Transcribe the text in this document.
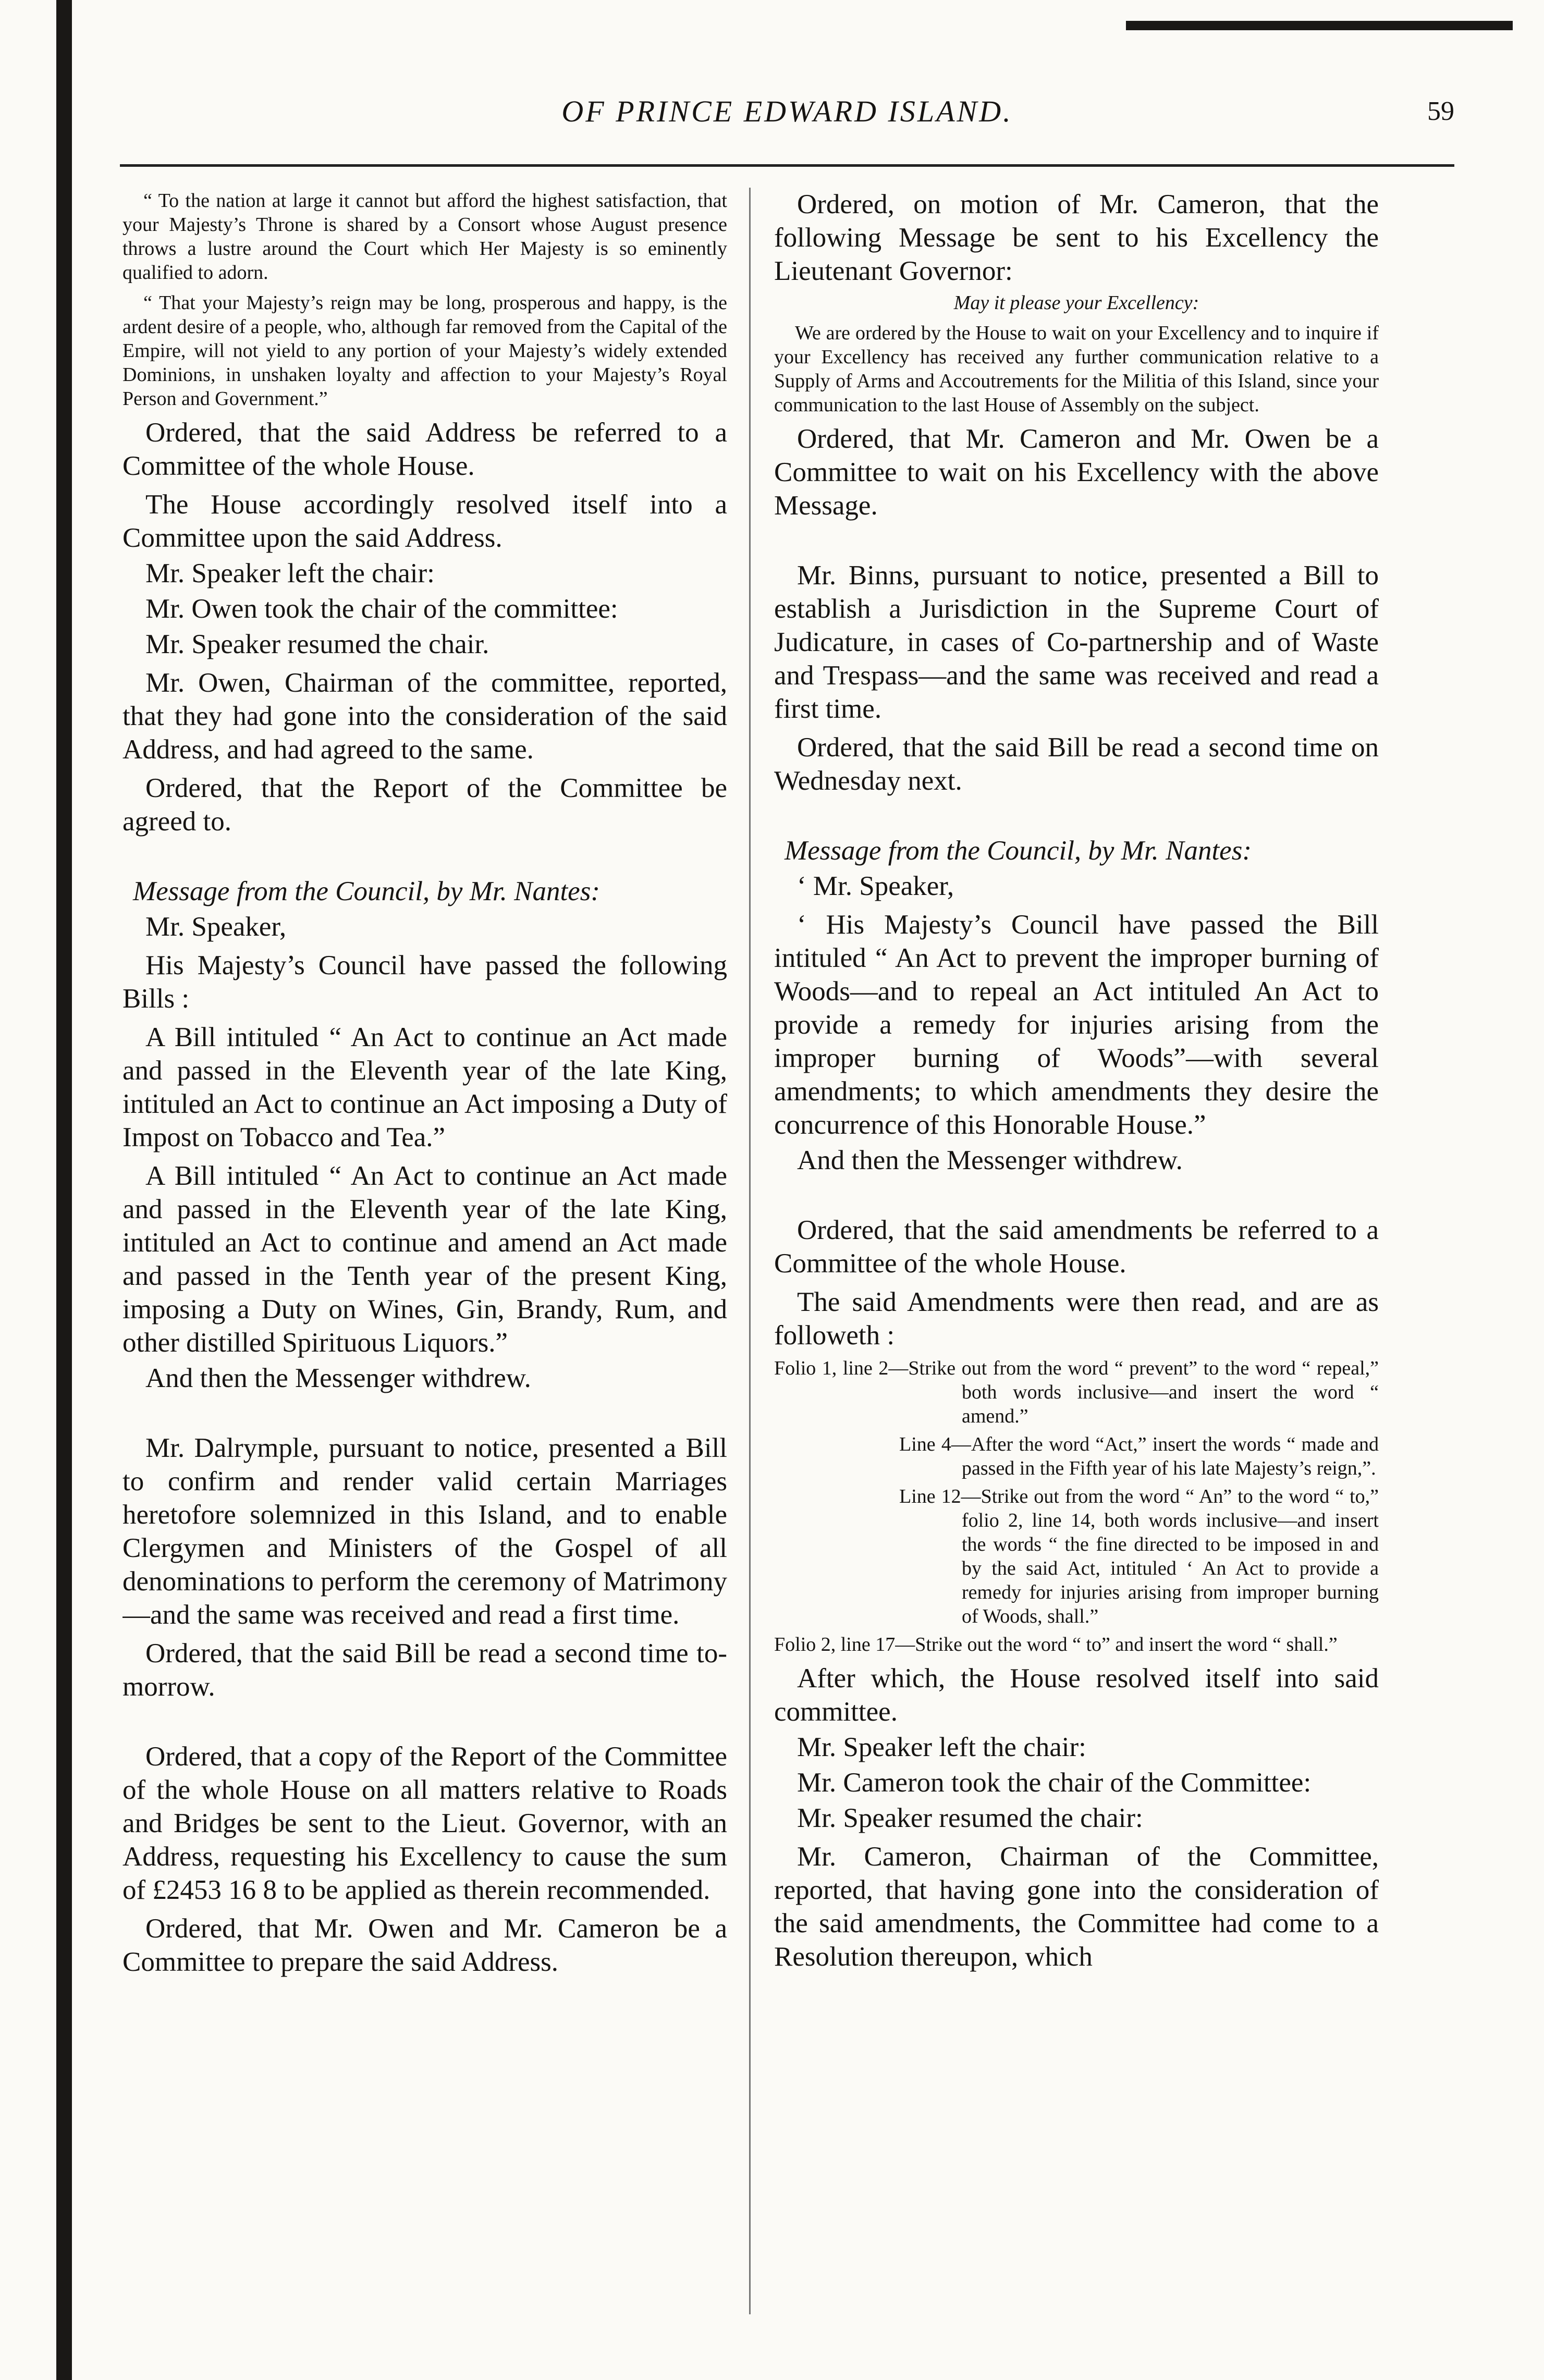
OF PRINCE EDWARD ISLAND.	59

“ To the nation at large it cannot but afford the highest satisfaction, that your Majesty’s Throne is shared by a Consort whose August presence throws a lustre around the Court which Her Majesty is so eminently qualified to adorn.

“ That your Majesty’s reign may be long, prosperous and happy, is the ardent desire of a people, who, although far removed from the Capital of the Empire, will not yield to any portion of your Majesty’s widely extended Dominions, in unshaken loyalty and affection to your Majesty’s Royal Person and Government.”

Ordered, that the said Address be referred to a Committee of the whole House.

The House accordingly resolved itself into a Committee upon the said Address.

Mr. Speaker left the chair:

Mr. Owen took the chair of the committee:

Mr. Speaker resumed the chair.

Mr. Owen, Chairman of the committee, reported, that they had gone into the consideration of the said Address, and had agreed to the same.

Ordered, that the Report of the Committee be agreed to.

Message from the Council, by Mr. Nantes:

Mr. Speaker,

His Majesty’s Council have passed the following Bills :

A Bill intituled “ An Act to continue an Act made and passed in the Eleventh year of the late King, intituled an Act to continue an Act imposing a Duty of Impost on Tobacco and Tea.”

A Bill intituled “ An Act to continue an Act made and passed in the Eleventh year of the late King, intituled an Act to continue and amend an Act made and passed in the Tenth year of the present King, imposing a Duty on Wines, Gin, Brandy, Rum, and other distilled Spirituous Liquors.”

And then the Messenger withdrew.

Mr. Dalrymple, pursuant to notice, presented a Bill to confirm and render valid certain Marriages heretofore solemnized in this Island, and to enable Clergymen and Ministers of the Gospel of all denominations to perform the ceremony of Matrimony—and the same was received and read a first time.

Ordered, that the said Bill be read a second time to-morrow.

Ordered, that a copy of the Report of the Committee of the whole House on all matters relative to Roads and Bridges be sent to the Lieut. Governor, with an Address, requesting his Excellency to cause the sum of £2453 16 8 to be applied as therein recommended.

Ordered, that Mr. Owen and Mr. Cameron be a Committee to prepare the said Address.

Ordered, on motion of Mr. Cameron, that the following Message be sent to his Excellency the Lieutenant Governor:

May it please your Excellency:

We are ordered by the House to wait on your Excellency and to inquire if your Excellency has received any further communication relative to a Supply of Arms and Accoutrements for the Militia of this Island, since your communication to the last House of Assembly on the subject.

Ordered, that Mr. Cameron and Mr. Owen be a Committee to wait on his Excellency with the above Message.

Mr. Binns, pursuant to notice, presented a Bill to establish a Jurisdiction in the Supreme Court of Judicature, in cases of Co-partnership and of Waste and Trespass—and the same was received and read a first time.

Ordered, that the said Bill be read a second time on Wednesday next.

Message from the Council, by Mr. Nantes:

‘ Mr. Speaker,

‘ His Majesty’s Council have passed the Bill intituled “ An Act to prevent the improper burning of Woods—and to repeal an Act intituled An Act to provide a remedy for injuries arising from the improper burning of Woods”—with several amendments; to which amendments they desire the concurrence of this Honorable House.”

And then the Messenger withdrew.

Ordered, that the said amendments be referred to a Committee of the whole House.

The said Amendments were then read, and are as followeth :

Folio 1, line 2—Strike out from the word “ prevent” to the word “ repeal,” both words inclusive—and insert the word “ amend.”

Line 4—After the word “Act,” insert the words “ made and passed in the Fifth year of his late Majesty’s reign,”.

Line 12—Strike out from the word “ An” to the word “ to,” folio 2, line 14, both words inclusive—and insert the words “ the fine directed to be imposed in and by the said Act, intituled ‘ An Act to provide a remedy for injuries arising from improper burning of Woods, shall.”

Folio 2, line 17—Strike out the word “ to” and insert the word “ shall.”

After which, the House resolved itself into said committee.

Mr. Speaker left the chair:

Mr. Cameron took the chair of the Committee:

Mr. Speaker resumed the chair:

Mr. Cameron, Chairman of the Committee, reported, that having gone into the consideration of the said amendments, the Committee had come to a Resolution thereupon, which
